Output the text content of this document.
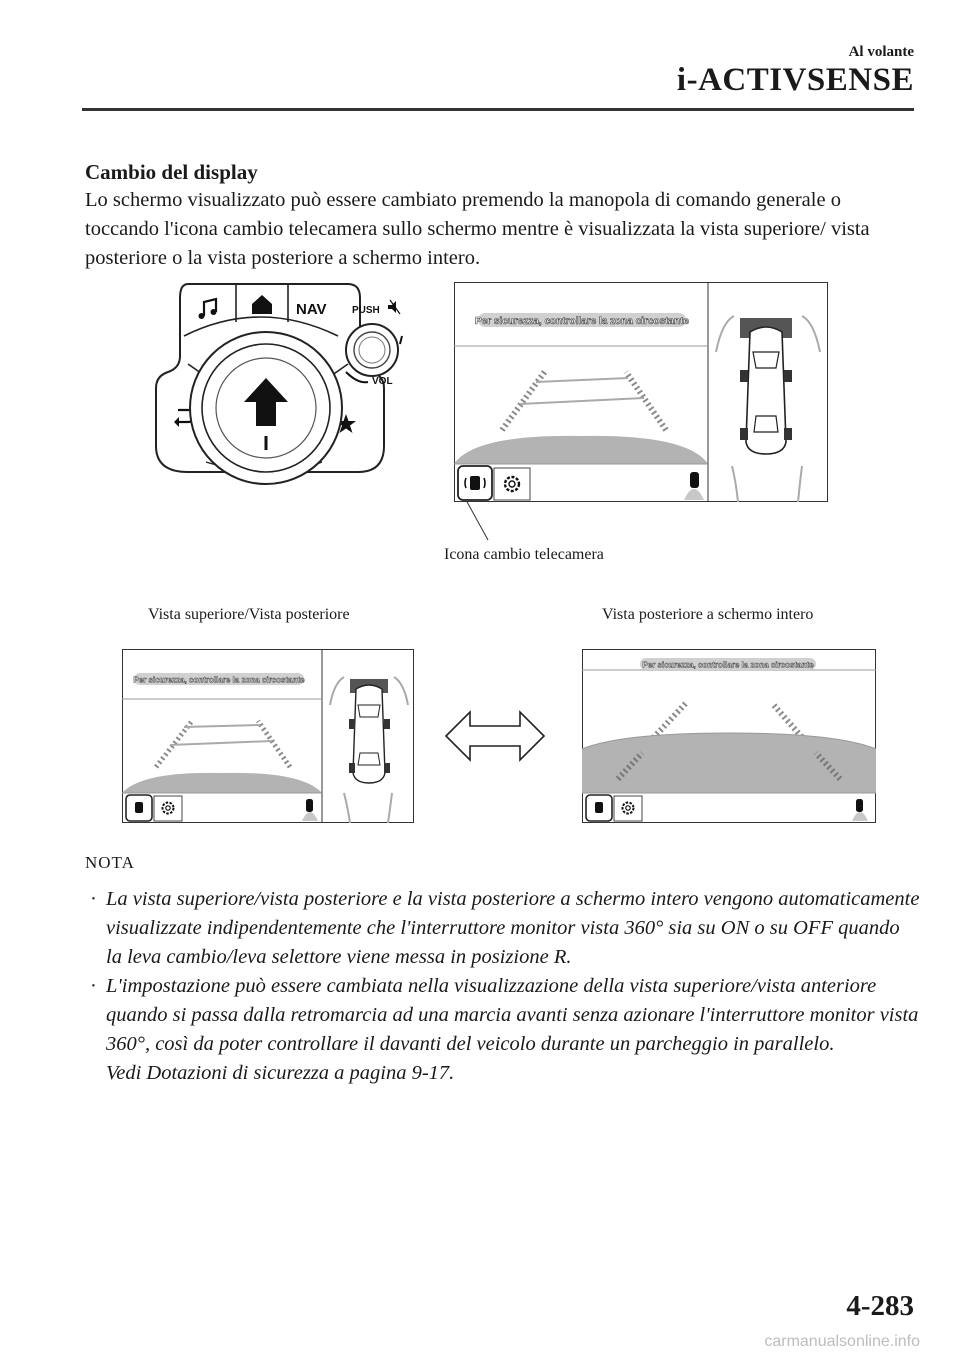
Al volante
i-ACTIVSENSE
Cambio del display
Lo schermo visualizzato può essere cambiato premendo la manopola di comando generale o toccando l'icona cambio telecamera sullo schermo mentre è visualizzata la vista superiore/ vista posteriore o la vista posteriore a schermo intero.
NAV	PUSH
VOL
Per sicurezza, controllare la zona circostante
Icona cambio telecamera
Vista superiore/Vista posteriore	Vista posteriore a schermo intero
Per sicurezza, controllare la zona circostante
Per sicurezza, controllare la zona circostante
NOTA
· La vista superiore/vista posteriore e la vista posteriore a schermo intero vengono automaticamente visualizzate indipendentemente che l'interruttore monitor vista 360° sia su ON o su OFF quando la leva cambio/leva selettore viene messa in posizione R.
· L'impostazione può essere cambiata nella visualizzazione della vista superiore/vista anteriore quando si passa dalla retromarcia ad una marcia avanti senza azionare l'interruttore monitor vista 360°, così da poter controllare il davanti del veicolo durante un parcheggio in parallelo.
Vedi Dotazioni di sicurezza a pagina 9-17.
4-283
carmanualsonline.info
